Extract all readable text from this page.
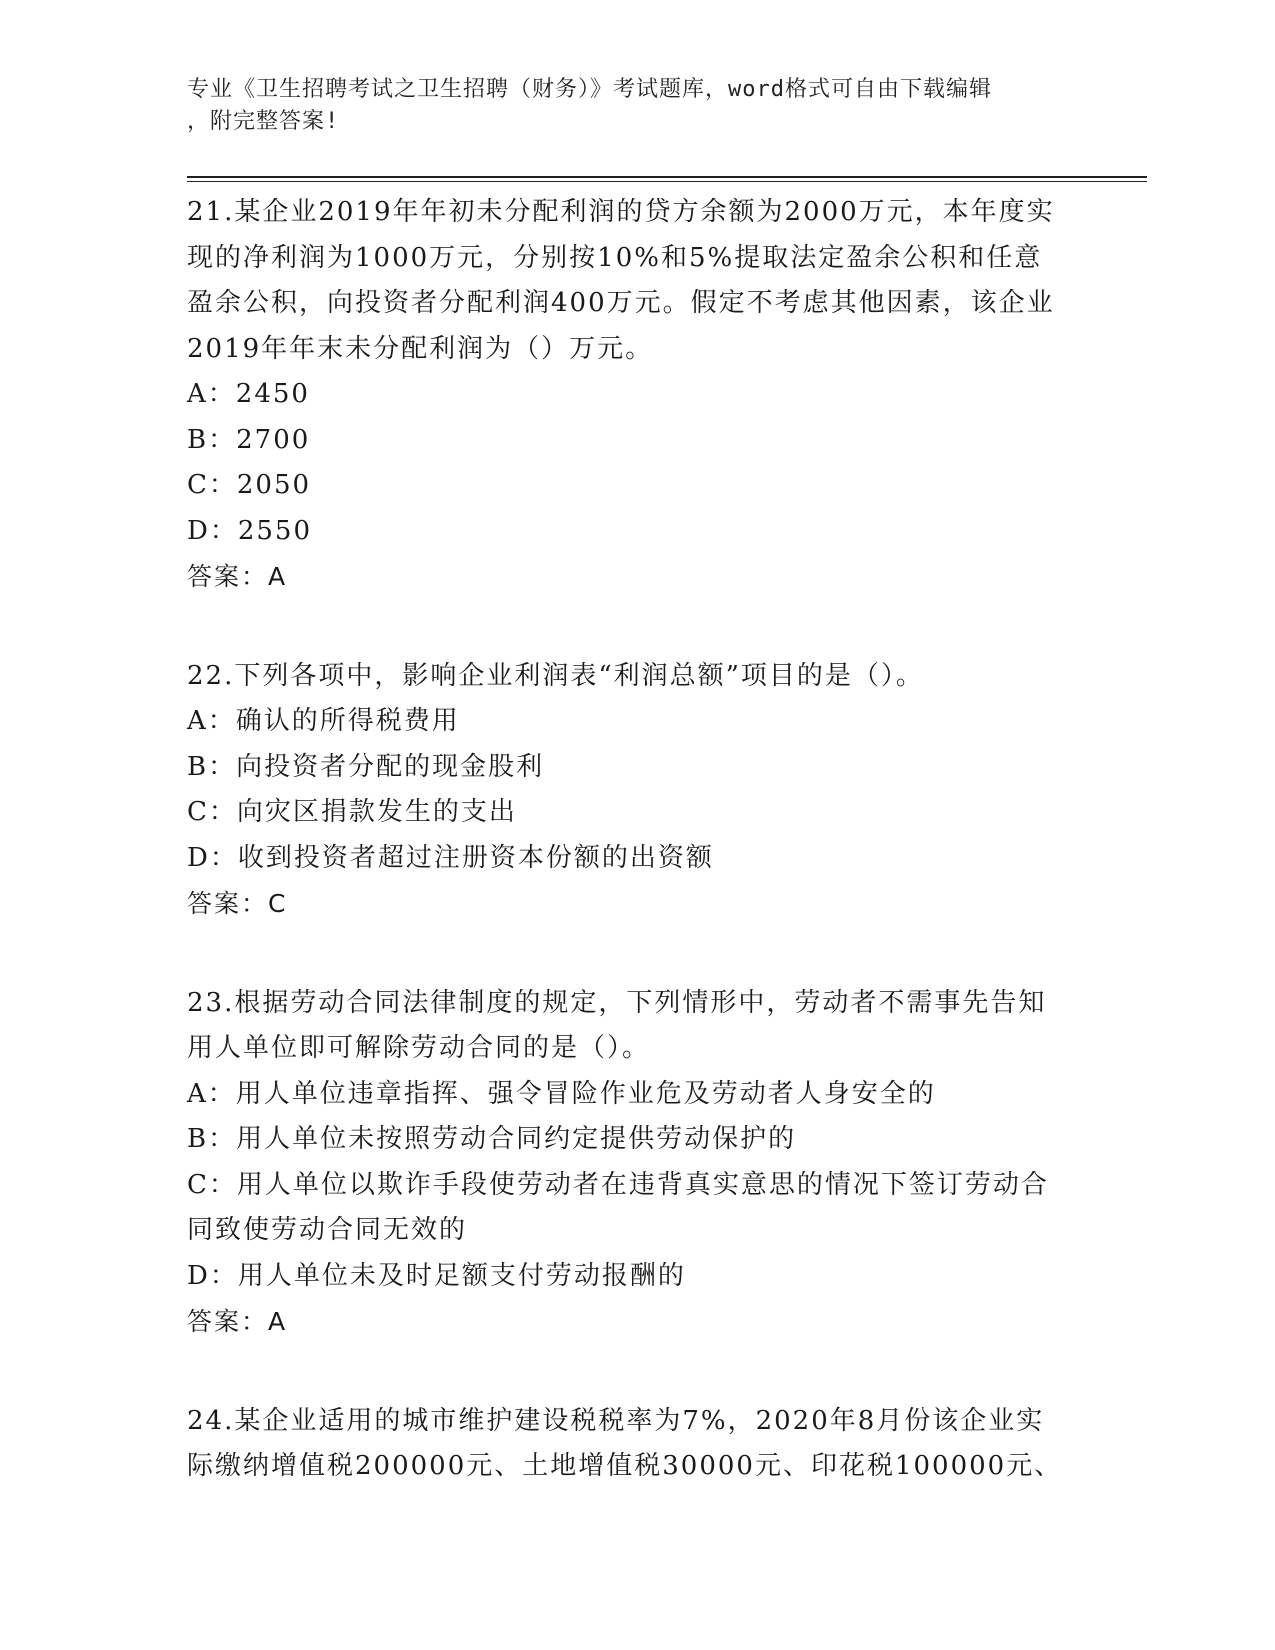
专业《卫生招聘考试之卫生招聘（财务）》考试题库，word格式可自由下载编辑

，附完整答案!

21.某企业2019年年初未分配利润的贷方余额为2000万元，本年度实现的净利润为1000万元，分别按10%和5%提取法定盈余公积和任意盈余公积，向投资者分配利润400万元。假定不考虑其他因素，该企业2019年年末未分配利润为（）万元。

A：2450

B：2700

C：2050

D：2550

答案：A

22.下列各项中，影响企业利润表“利润总额”项目的是（）。

A：确认的所得税费用

B：向投资者分配的现金股利

C：向灾区捐款发生的支出

D：收到投资者超过注册资本份额的出资额

答案：C

23.根据劳动合同法律制度的规定，下列情形中，劳动者不需事先告知用人单位即可解除劳动合同的是（）。

A：用人单位违章指挥、强令冒险作业危及劳动者人身安全的

B：用人单位未按照劳动合同约定提供劳动保护的

C：用人单位以欺诈手段使劳动者在违背真实意思的情况下签订劳动合同致使劳动合同无效的

D：用人单位未及时足额支付劳动报酬的

答案：A

24.某企业适用的城市维护建设税税率为7%，2020年8月份该企业实际缴纳增值税200000元、土地增值税30000元、印花税100000元、
